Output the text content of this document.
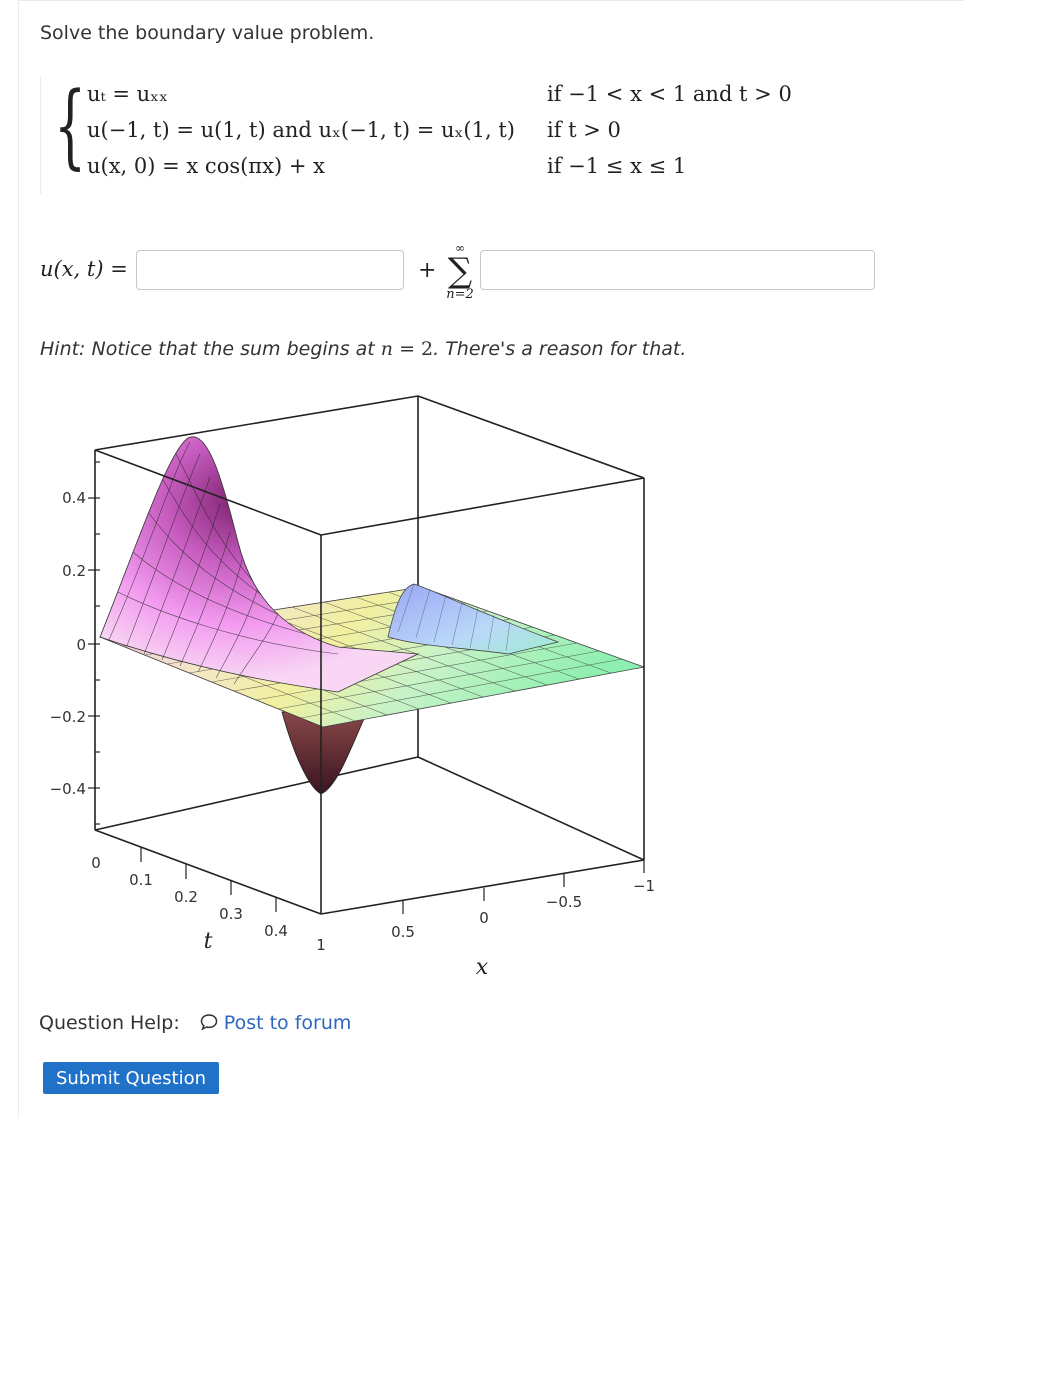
Solve the boundary value problem.
{ uₜ = uₓₓ
u(−1, t) = u(1, t) and uₓ(−1, t) = uₓ(1, t)
u(x, 0) = x cos(πx) + x
if −1 < x < 1 and t > 0
if t > 0
if −1 ≤ x ≤ 1
u(x, t) =	+
∞
∑
n=2
Hint: Notice that the sum begins at n = 2. There's a reason for that.
0.4
0.2
0
−0.2
−0.4
0
0.1
0.2
0.3
0.4
1
0.5
0
−0.5
−1
t
x
Question Help: Post to forum
Submit Question
